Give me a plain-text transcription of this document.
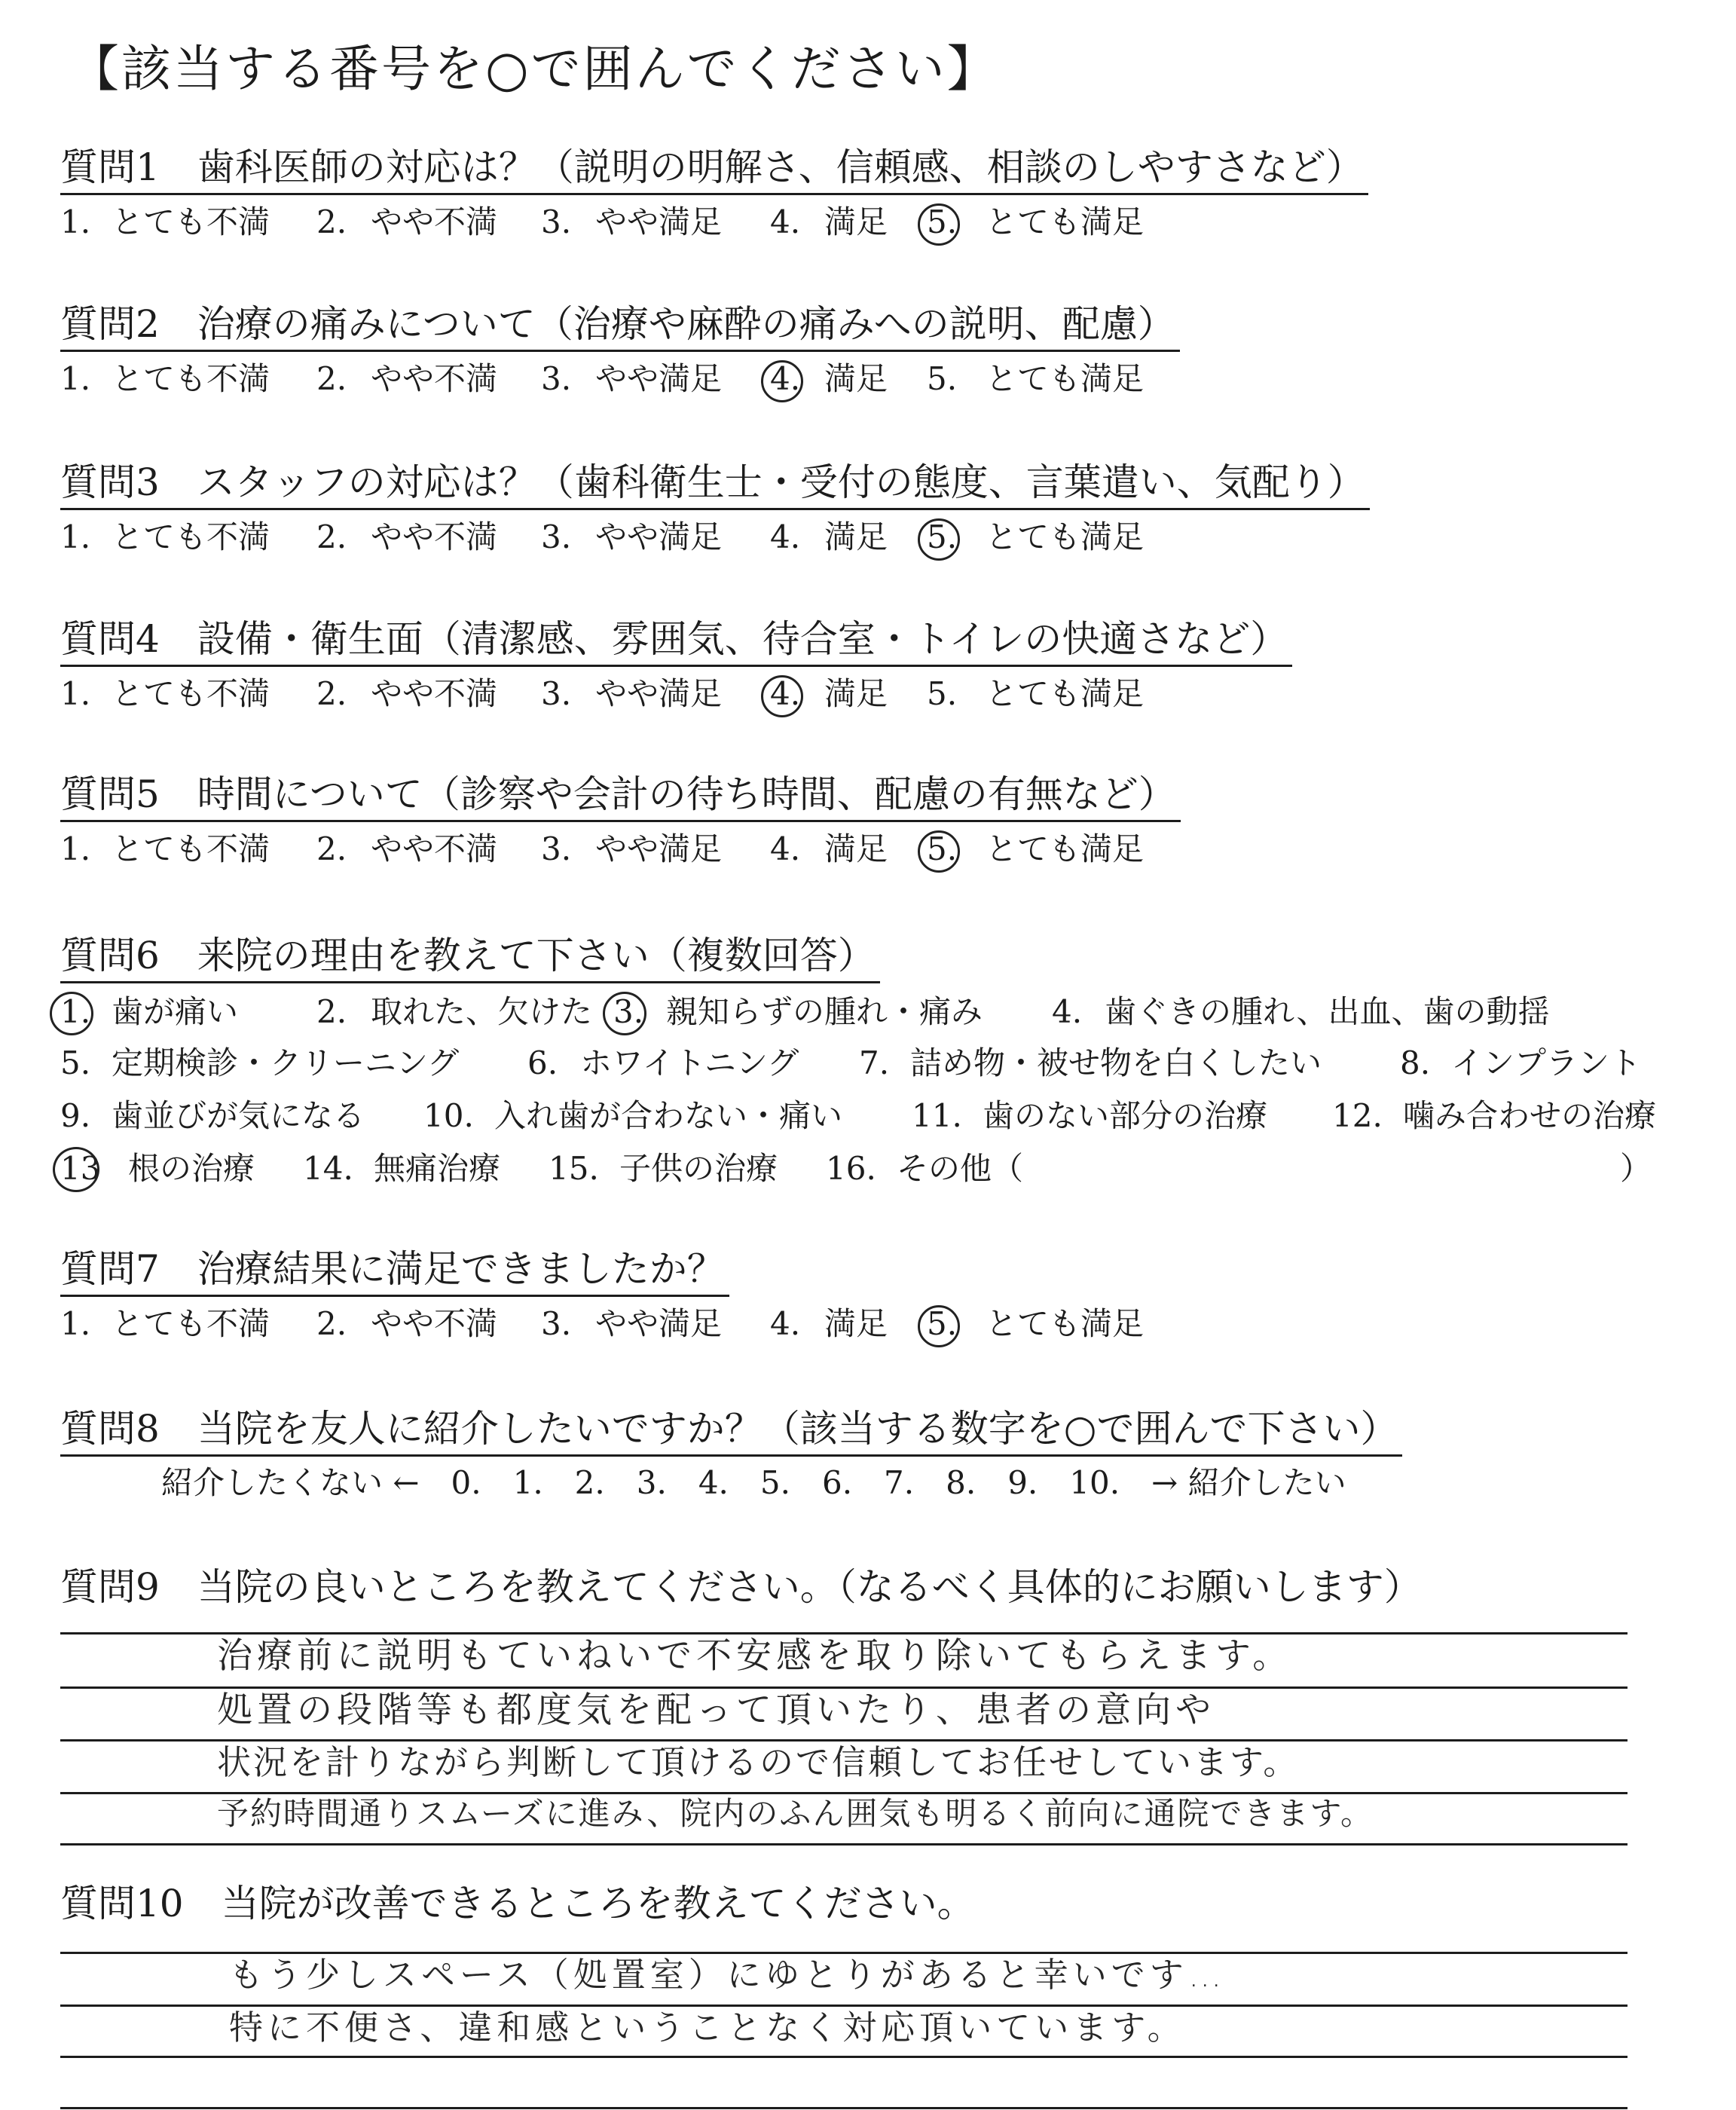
【該当する番号を○で囲んでください】
質問1　歯科医師の対応は？（説明の明解さ、信頼感、相談のしやすさなど）
1. とても不満 2. やや不満 3. やや満足 4. 満足 5. とても満足
質問2　治療の痛みについて（治療や麻酔の痛みへの説明、配慮）
1. とても不満 2. やや不満 3. やや満足 4. 満足 5. とても満足
質問3　スタッフの対応は？（歯科衛生士・受付の態度、言葉遣い、気配り）
1. とても不満 2. やや不満 3. やや満足 4. 満足 5. とても満足
質問4　設備・衛生面（清潔感、雰囲気、待合室・トイレの快適さなど）
1. とても不満 2. やや不満 3. やや満足 4. 満足 5. とても満足
質問5　時間について（診察や会計の待ち時間、配慮の有無など）
1. とても不満 2. やや不満 3. やや満足 4. 満足 5. とても満足
質問6　来院の理由を教えて下さい（複数回答）
1. 歯が痛い 2. 取れた、欠けた 3. 親知らずの腫れ・痛み 4. 歯ぐきの腫れ、出血、歯の動揺
5. 定期検診・クリーニング 6. ホワイトニング 7. 詰め物・被せ物を白くしたい 8. インプラント
9. 歯並びが気になる 10. 入れ歯が合わない・痛い 11. 歯のない部分の治療 12. 噛み合わせの治療
13 根の治療 14. 無痛治療 15. 子供の治療 16. その他（	）
質問7　治療結果に満足できましたか？
1. とても不満 2. やや不満 3. やや満足 4. 満足 5. とても満足
質問8　当院を友人に紹介したいですか？（該当する数字を○で囲んで下さい）
紹介したくない ←　0.　1.　2.　3.　4.　5.　6.　7.　8.　9.　10.　→ 紹介したい
質問9　当院の良いところを教えてください。（なるべく具体的にお願いします）
治療前に説明もていねいで不安感を取り除いてもらえます。
処置の段階等も都度気を配って頂いたり、患者の意向や
状況を計りながら判断して頂けるので信頼してお任せしています。
予約時間通りスムーズに進み、院内のふん囲気も明るく前向に通院できます。
質問10　当院が改善できるところを教えてください。
もう少しスペース（処置室）にゆとりがあると幸いです…
特に不便さ、違和感ということなく対応頂いています。
